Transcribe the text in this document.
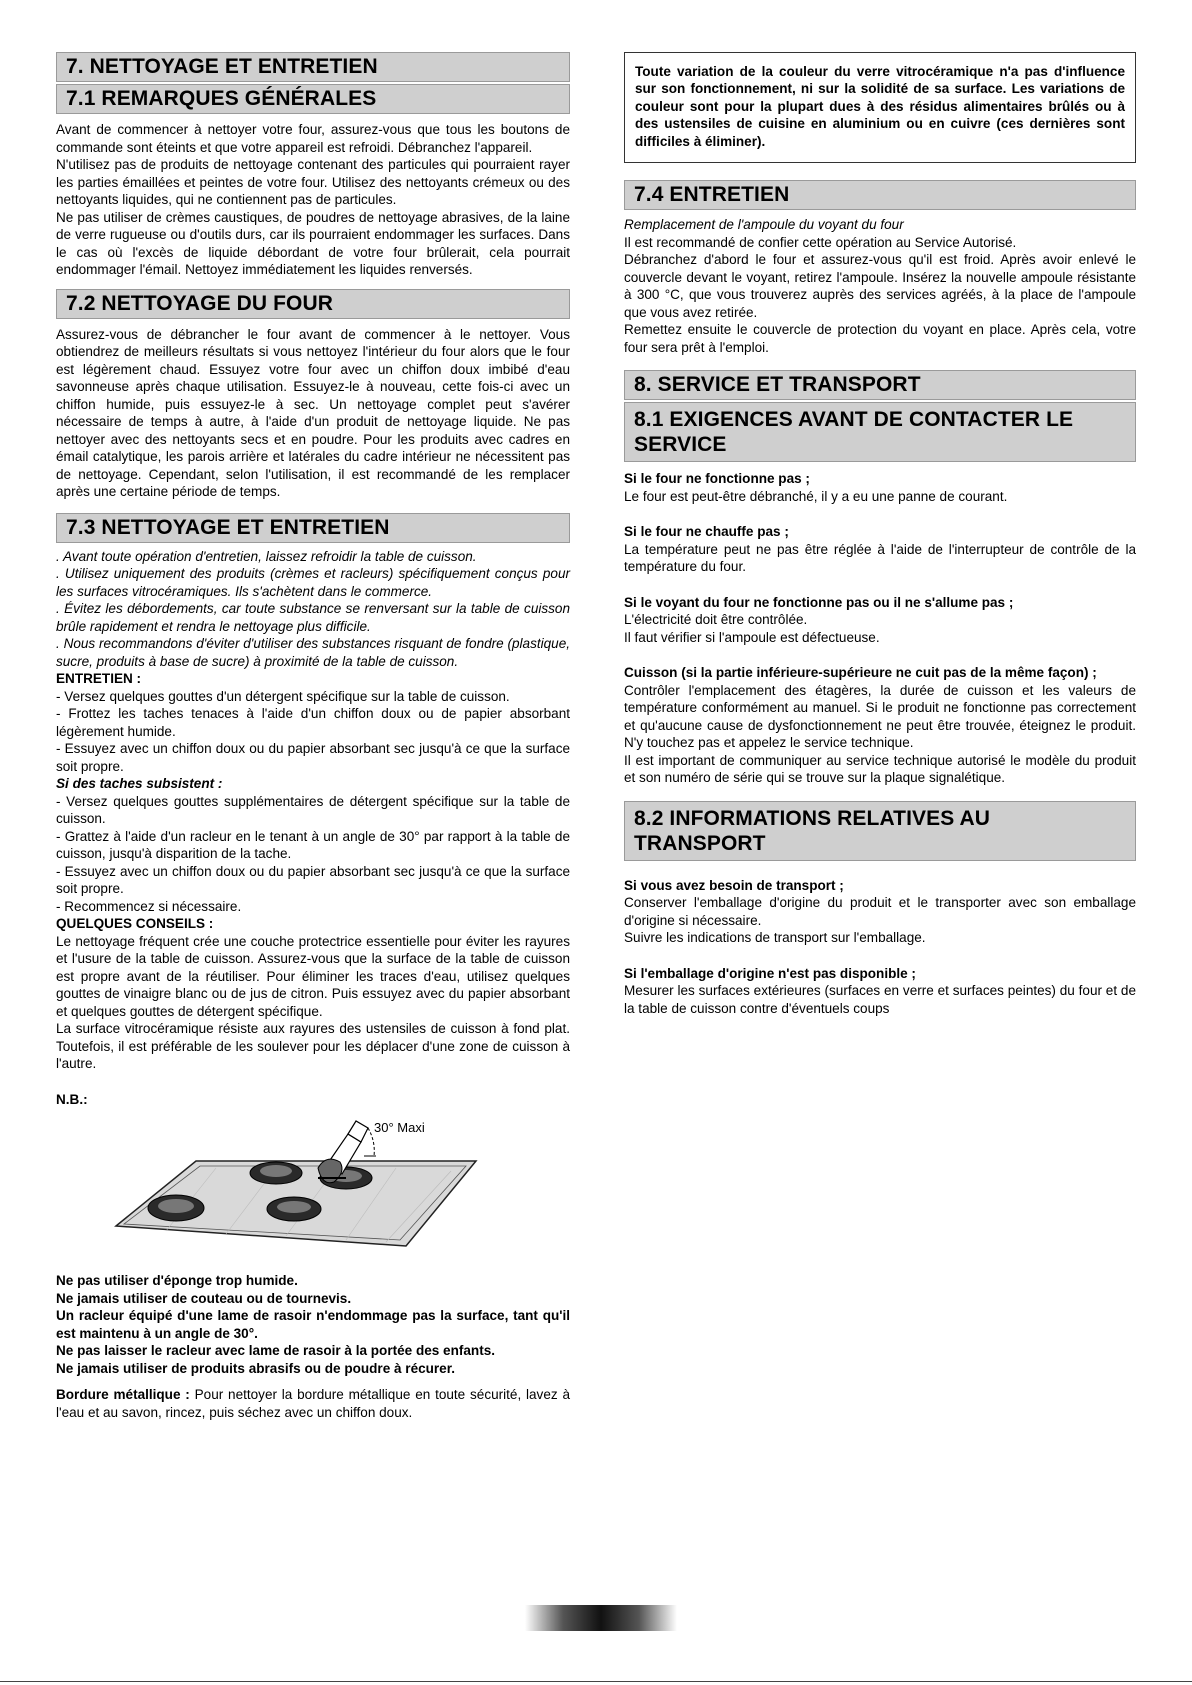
7. NETTOYAGE ET ENTRETIEN
7.1 REMARQUES GÉNÉRALES

Avant de commencer à nettoyer votre four, assurez-vous que tous les boutons de commande sont éteints et que votre appareil est refroidi. Débranchez l'appareil.

N'utilisez pas de produits de nettoyage contenant des particules qui pourraient rayer les parties émaillées et peintes de votre four. Utilisez des nettoyants crémeux ou des nettoyants liquides, qui ne contiennent pas de particules.

Ne pas utiliser de crèmes caustiques, de poudres de nettoyage abrasives, de la laine de verre rugueuse ou d'outils durs, car ils pourraient endommager les surfaces. Dans le cas où l'excès de liquide débordant de votre four brûlerait, cela pourrait endommager l'émail. Nettoyez immédiatement les liquides renversés.

7.2 NETTOYAGE DU FOUR

Assurez-vous de débrancher le four avant de commencer à le nettoyer. Vous obtiendrez de meilleurs résultats si vous nettoyez l'intérieur du four alors que le four est légèrement chaud. Essuyez votre four avec un chiffon doux imbibé d'eau savonneuse après chaque utilisation. Essuyez-le à nouveau, cette fois-ci avec un chiffon humide, puis essuyez-le à sec. Un nettoyage complet peut s'avérer nécessaire de temps à autre, à l'aide d'un produit de nettoyage liquide. Ne pas nettoyer avec des nettoyants secs et en poudre. Pour les produits avec cadres en émail catalytique, les parois arrière et latérales du cadre intérieur ne nécessitent pas de nettoyage. Cependant, selon l'utilisation, il est recommandé de les remplacer après une certaine période de temps.

7.3 NETTOYAGE ET ENTRETIEN

. Avant toute opération d'entretien, laissez refroidir la table de cuisson.

. Utilisez uniquement des produits (crèmes et racleurs) spécifiquement conçus pour les surfaces vitrocéramiques. Ils s'achètent dans le commerce.

. Évitez les débordements, car toute substance se renversant sur la table de cuisson brûle rapidement et rendra le nettoyage plus difficile.

. Nous recommandons d'éviter d'utiliser des substances risquant de fondre (plastique, sucre, produits à base de sucre) à proximité de la table de cuisson.

ENTRETIEN :

- Versez quelques gouttes d'un détergent spécifique sur la table de cuisson.

- Frottez les taches tenaces à l'aide d'un chiffon doux ou de papier absorbant légèrement humide.

- Essuyez avec un chiffon doux ou du papier absorbant sec jusqu'à ce que la surface soit propre.

Si des taches subsistent :

- Versez quelques gouttes supplémentaires de détergent spécifique sur la table de cuisson.

- Grattez à l'aide d'un racleur en le tenant à un angle de 30° par rapport à la table de cuisson, jusqu'à disparition de la tache.

- Essuyez avec un chiffon doux ou du papier absorbant sec jusqu'à ce que la surface soit propre.

- Recommencez si nécessaire.

QUELQUES CONSEILS :

Le nettoyage fréquent crée une couche protectrice essentielle pour éviter les rayures et l'usure de la table de cuisson. Assurez-vous que la surface de la table de cuisson est propre avant de la réutiliser. Pour éliminer les traces d'eau, utilisez quelques gouttes de vinaigre blanc ou de jus de citron. Puis essuyez avec du papier absorbant et quelques gouttes de détergent spécifique.

La surface vitrocéramique résiste aux rayures des ustensiles de cuisson à fond plat. Toutefois, il est préférable de les soulever pour les déplacer d'une zone de cuisson à l'autre.

N.B.:

30° Maxi

Ne pas utiliser d'éponge trop humide.

Ne jamais utiliser de couteau ou de tournevis.

Un racleur équipé d'une lame de rasoir n'endommage pas la surface, tant qu'il est maintenu à un angle de 30°.

Ne pas laisser le racleur avec lame de rasoir à la portée des enfants.

Ne jamais utiliser de produits abrasifs ou de poudre à récurer.

Bordure métallique : Pour nettoyer la bordure métallique en toute sécurité, lavez à l'eau et au savon, rincez, puis séchez avec un chiffon doux.

Toute variation de la couleur du verre vitrocéramique n'a pas d'influence sur son fonctionnement, ni sur la solidité de sa surface. Les variations de couleur sont pour la plupart dues à des résidus alimentaires brûlés ou à des ustensiles de cuisine en aluminium ou en cuivre (ces dernières sont difficiles à éliminer).
7.4 ENTRETIEN

Remplacement de l'ampoule du voyant du four

Il est recommandé de confier cette opération au Service Autorisé.

Débranchez d'abord le four et assurez-vous qu'il est froid. Après avoir enlevé le couvercle devant le voyant, retirez l'ampoule. Insérez la nouvelle ampoule résistante à 300 °C, que vous trouverez auprès des services agréés, à la place de l'ampoule que vous avez retirée.

Remettez ensuite le couvercle de protection du voyant en place. Après cela, votre four sera prêt à l'emploi.

8. SERVICE ET TRANSPORT
8.1 EXIGENCES AVANT DE CONTACTER LE SERVICE

Si le four ne fonctionne pas ;

Le four est peut-être débranché, il y a eu une panne de courant.

Si le four ne chauffe pas ;

La température peut ne pas être réglée à l'aide de l'interrupteur de contrôle de la température du four.

Si le voyant du four ne fonctionne pas ou il ne s'allume pas ;

L'électricité doit être contrôlée.

Il faut vérifier si l'ampoule est défectueuse.

Cuisson (si la partie inférieure-supérieure ne cuit pas de la même façon) ;

Contrôler l'emplacement des étagères, la durée de cuisson et les valeurs de température conformément au manuel. Si le produit ne fonctionne pas correctement et qu'aucune cause de dysfonctionnement ne peut être trouvée, éteignez le produit. N'y touchez pas et appelez le service technique.

Il est important de communiquer au service technique autorisé le modèle du produit et son numéro de série qui se trouve sur la plaque signalétique.

8.2 INFORMATIONS RELATIVES AU TRANSPORT

Si vous avez besoin de transport ;

Conserver l'emballage d'origine du produit et le transporter avec son emballage d'origine si nécessaire.

Suivre les indications de transport sur l'emballage.

Si l'emballage d'origine n'est pas disponible ;

Mesurer les surfaces extérieures (surfaces en verre et surfaces peintes) du four et de la table de cuisson contre d'éventuels coups
